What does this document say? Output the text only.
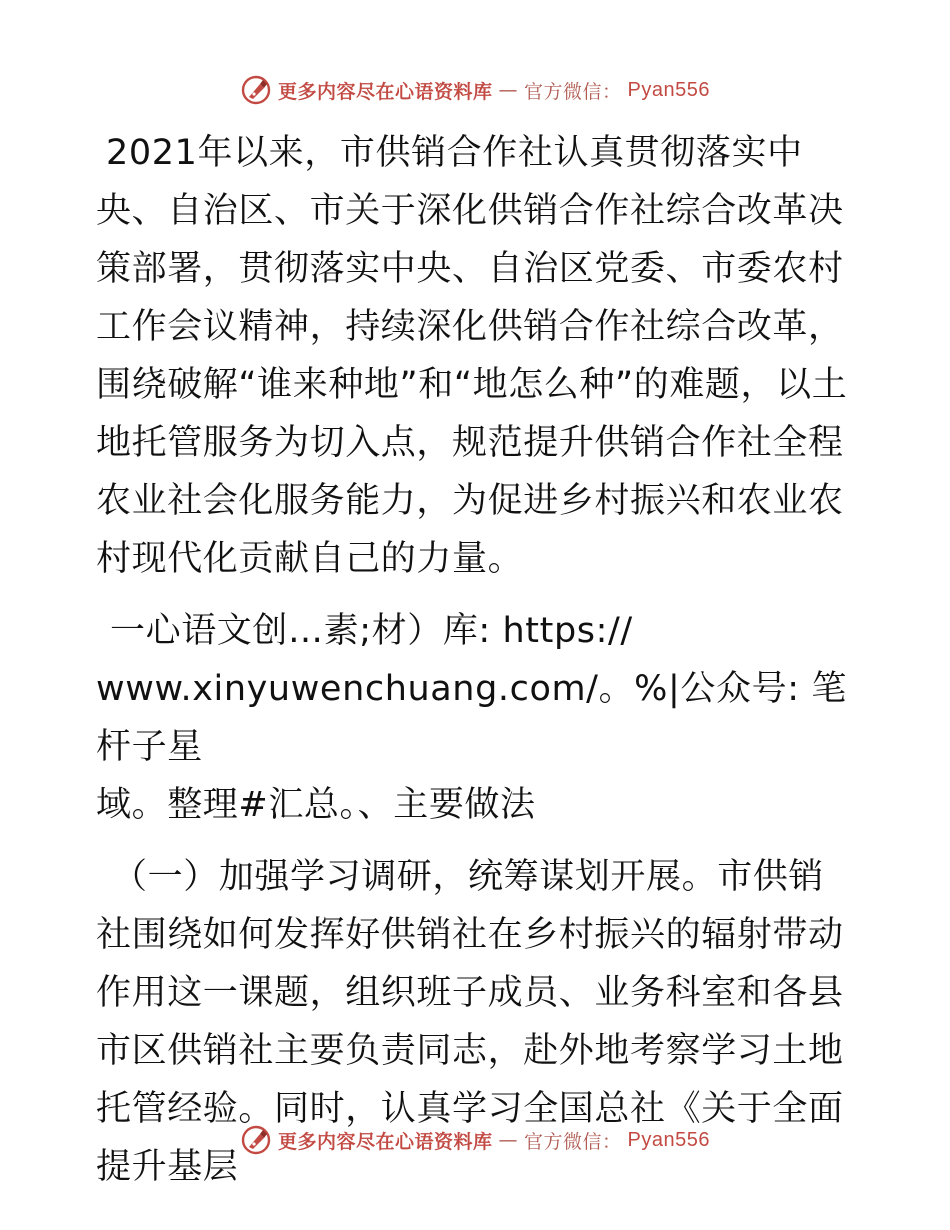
更多内容尽在心语资料库 — 官方微信： Pyan556

2021年以来，市供销合作社认真贯彻落实中央、自治区、市关于深化供销合作社综合改革决策部署，贯彻落实中央、自治区党委、市委农村工作会议精神，持续深化供销合作社综合改革，围绕破解“谁来种地”和“地怎么种”的难题，以土地托管服务为切入点，规范提升供销合作社全程农业社会化服务能力，为促进乡村振兴和农业农村现代化贡献自己的力量。

一心语文创…素;材）库: https://
www.xinyuwenchuang.com/。%|公众号: 笔杆子星
域。整理#汇总。、主要做法

（一）加强学习调研，统筹谋划开展。市供销社围绕如何发挥好供销社在乡村振兴的辐射带动作用这一课题，组织班子成员、业务科室和各县市区供销社主要负责同志，赴外地考察学习土地托管经验。同时，认真学习全国总社《关于全面提升基层

更多内容尽在心语资料库 — 官方微信： Pyan556
